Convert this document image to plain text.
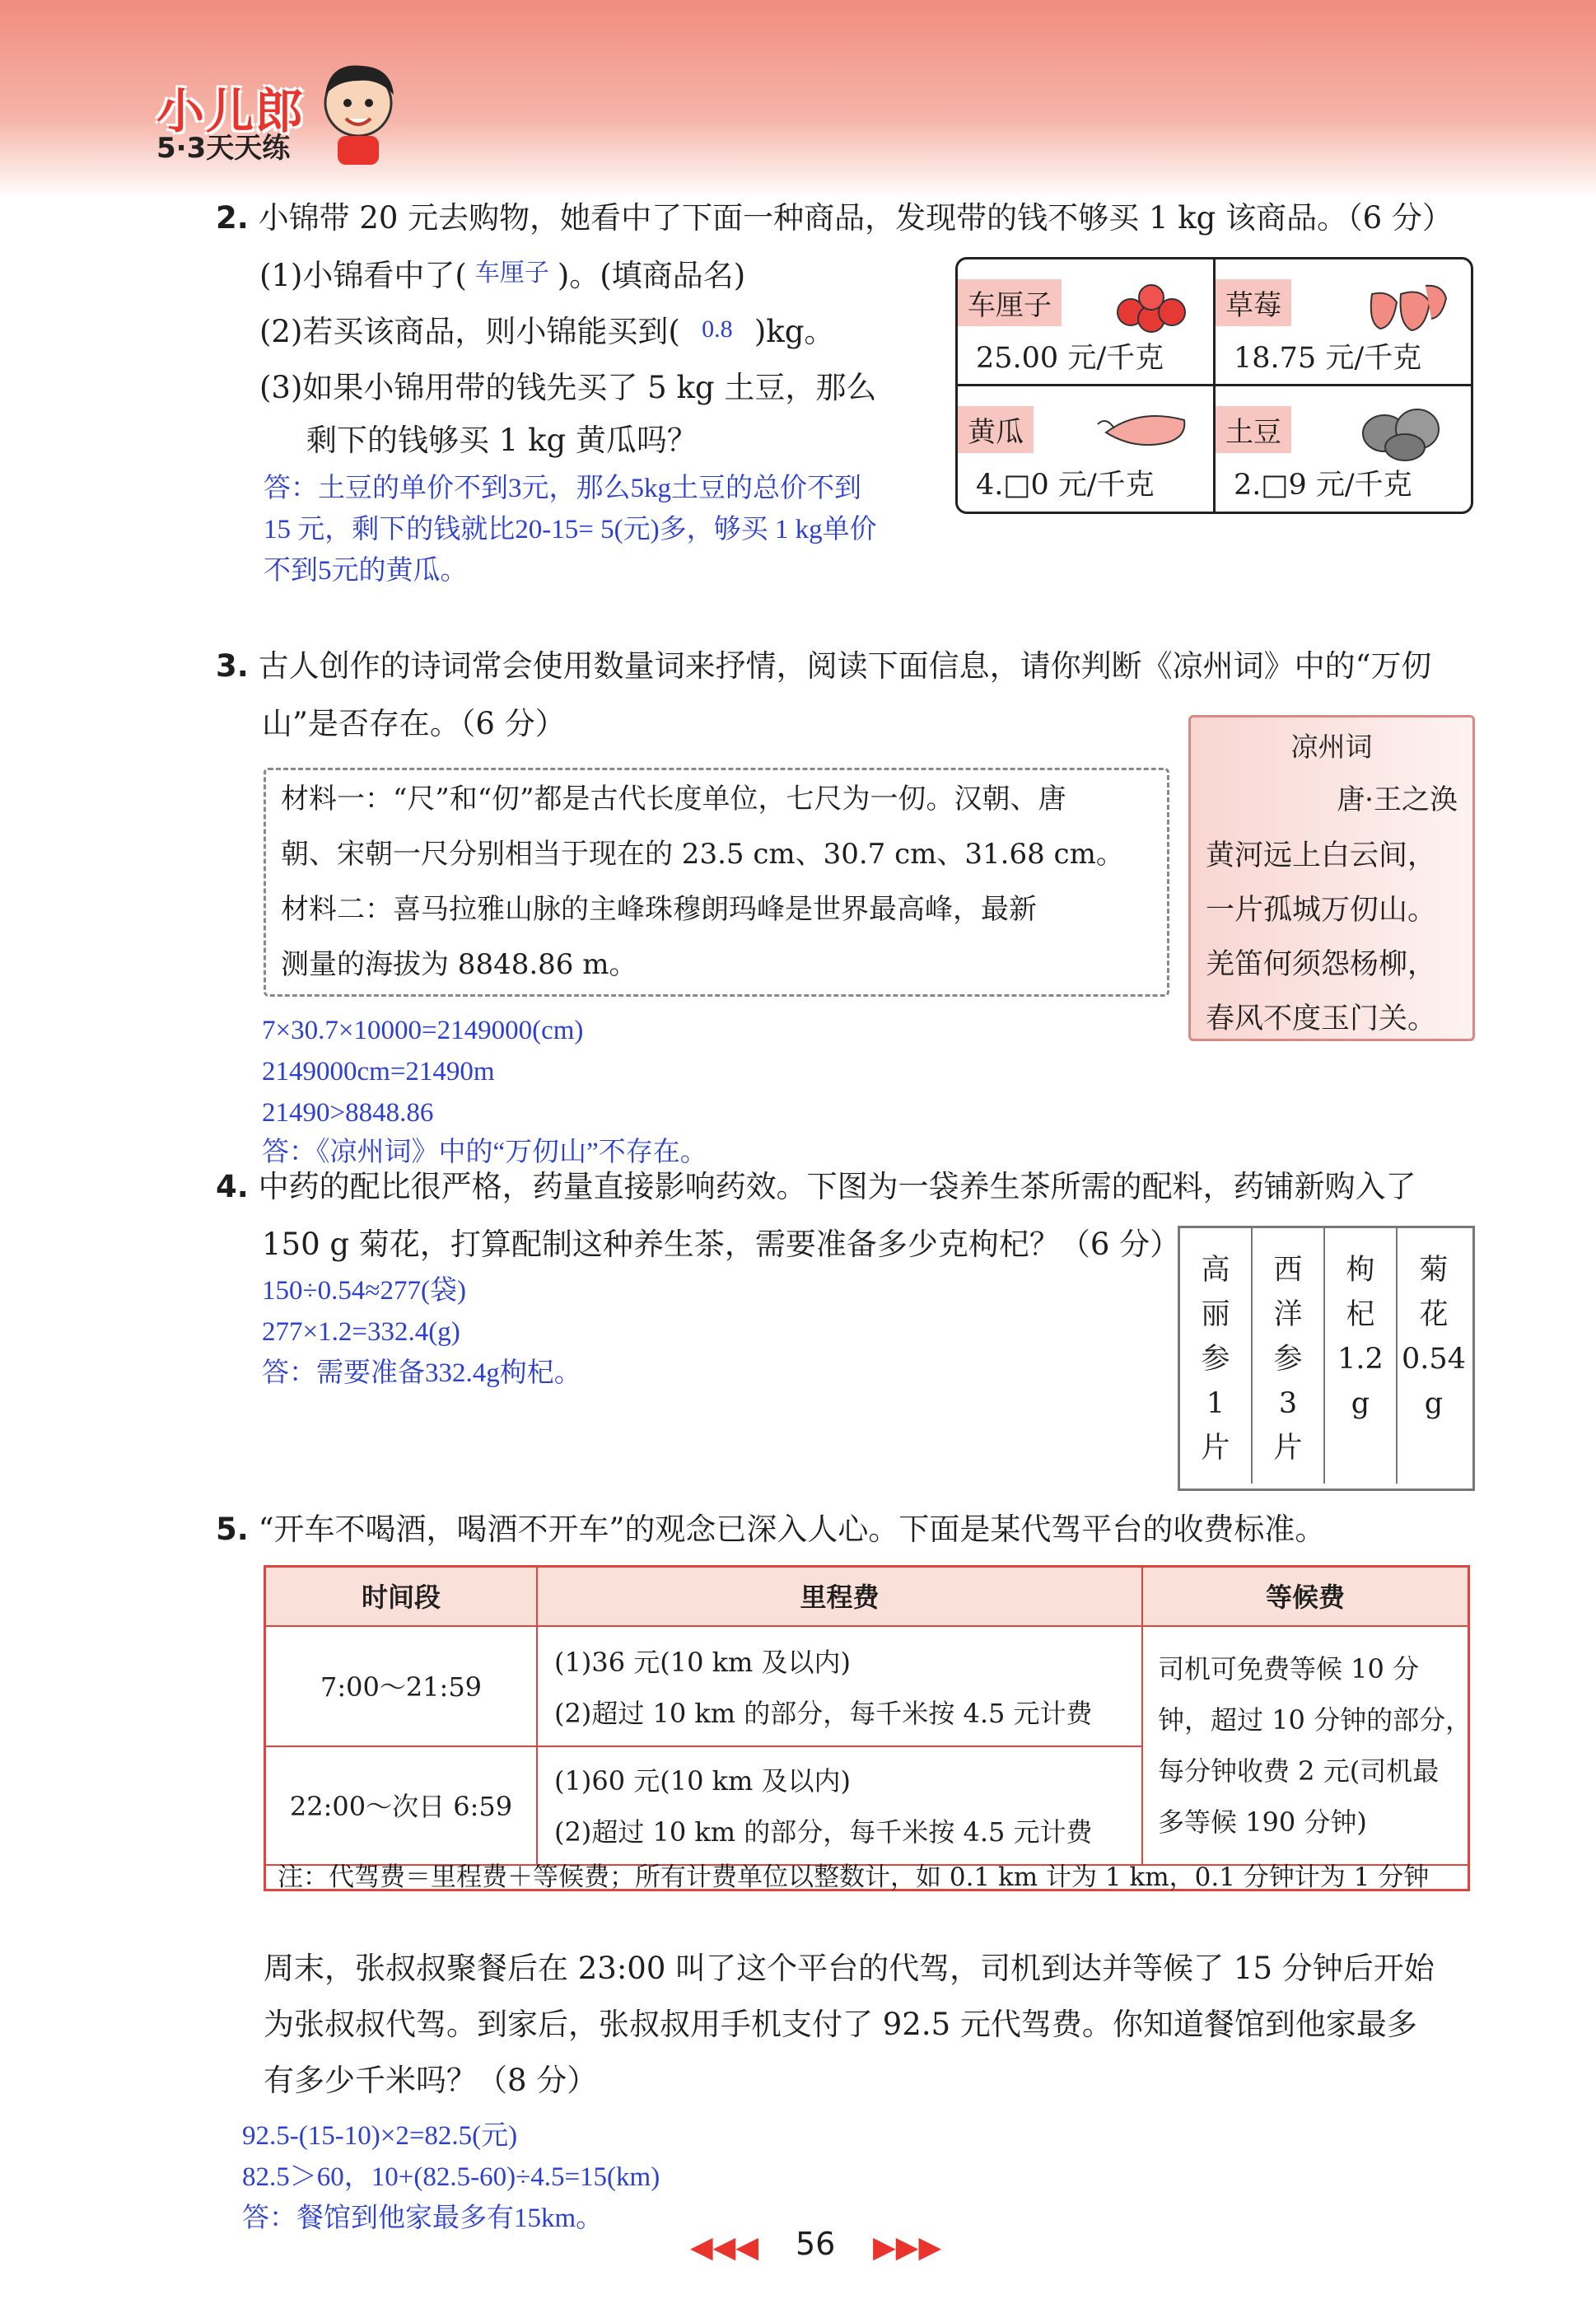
小儿郎
5·3天天练
2. 小锦带 20 元去购物，她看中了下面一种商品，发现带的钱不够买 1 kg 该商品。（6 分）
(1)小锦看中了( 车厘子 )。(填商品名)
(2)若买该商品，则小锦能买到( 0.8 )kg。
(3)如果小锦用带的钱先买了 5 kg 土豆，那么
剩下的钱够买 1 kg 黄瓜吗？
答：土豆的单价不到3元，那么5kg土豆的总价不到
15 元，剩下的钱就比20-15= 5(元)多，够买 1 kg单价
不到5元的黄瓜。
车厘子
25.00 元/千克
草莓
18.75 元/千克
黄瓜
4.□0 元/千克
土豆
2.□9 元/千克
3. 古人创作的诗词常会使用数量词来抒情，阅读下面信息，请你判断《凉州词》中的“万仞
山”是否存在。（6 分）
材料一：“尺”和“仞”都是古代长度单位，七尺为一仞。汉朝、唐
朝、宋朝一尺分别相当于现在的 23.5 cm、30.7 cm、31.68 cm。
材料二：喜马拉雅山脉的主峰珠穆朗玛峰是世界最高峰，最新
测量的海拔为 8848.86 m。
凉州词
唐·王之涣
黄河远上白云间，
一片孤城万仞山。
羌笛何须怨杨柳，
春风不度玉门关。
7×30.7×10000=2149000(cm)
2149000cm=21490m
21490>8848.86
答：《凉州词》中的“万仞山”不存在。
4. 中药的配比很严格，药量直接影响药效。下图为一袋养生茶所需的配料，药铺新购入了
150 g 菊花，打算配制这种养生茶，需要准备多少克枸杞？（6 分）
150÷0.54≈277(袋)
277×1.2=332.4(g)
答：需要准备332.4g枸杞。
高
丽
参
1
片
西
洋
参
3
片
枸
杞
1.2
g
菊
花
0.54
g
5. “开车不喝酒，喝酒不开车”的观念已深入人心。下面是某代驾平台的收费标准。
时间段	里程费	等候费
7:00～21:59
(1)36 元(10 km 及以内)
(2)超过 10 km 的部分，每千米按 4.5 元计费
22:00～次日 6:59
(1)60 元(10 km 及以内)
(2)超过 10 km 的部分，每千米按 4.5 元计费
司机可免费等候 10 分
钟，超过 10 分钟的部分，
每分钟收费 2 元(司机最
多等候 190 分钟)
注：代驾费＝里程费＋等候费；所有计费单位以整数计，如 0.1 km 计为 1 km，0.1 分钟计为 1 分钟
周末，张叔叔聚餐后在 23:00 叫了这个平台的代驾，司机到达并等候了 15 分钟后开始
为张叔叔代驾。到家后，张叔叔用手机支付了 92.5 元代驾费。你知道餐馆到他家最多
有多少千米吗？（8 分）
92.5-(15-10)×2=82.5(元)
82.5＞60，10+(82.5-60)÷4.5=15(km)
答：餐馆到他家最多有15km。
◀◀◀ 56 ▶▶▶
